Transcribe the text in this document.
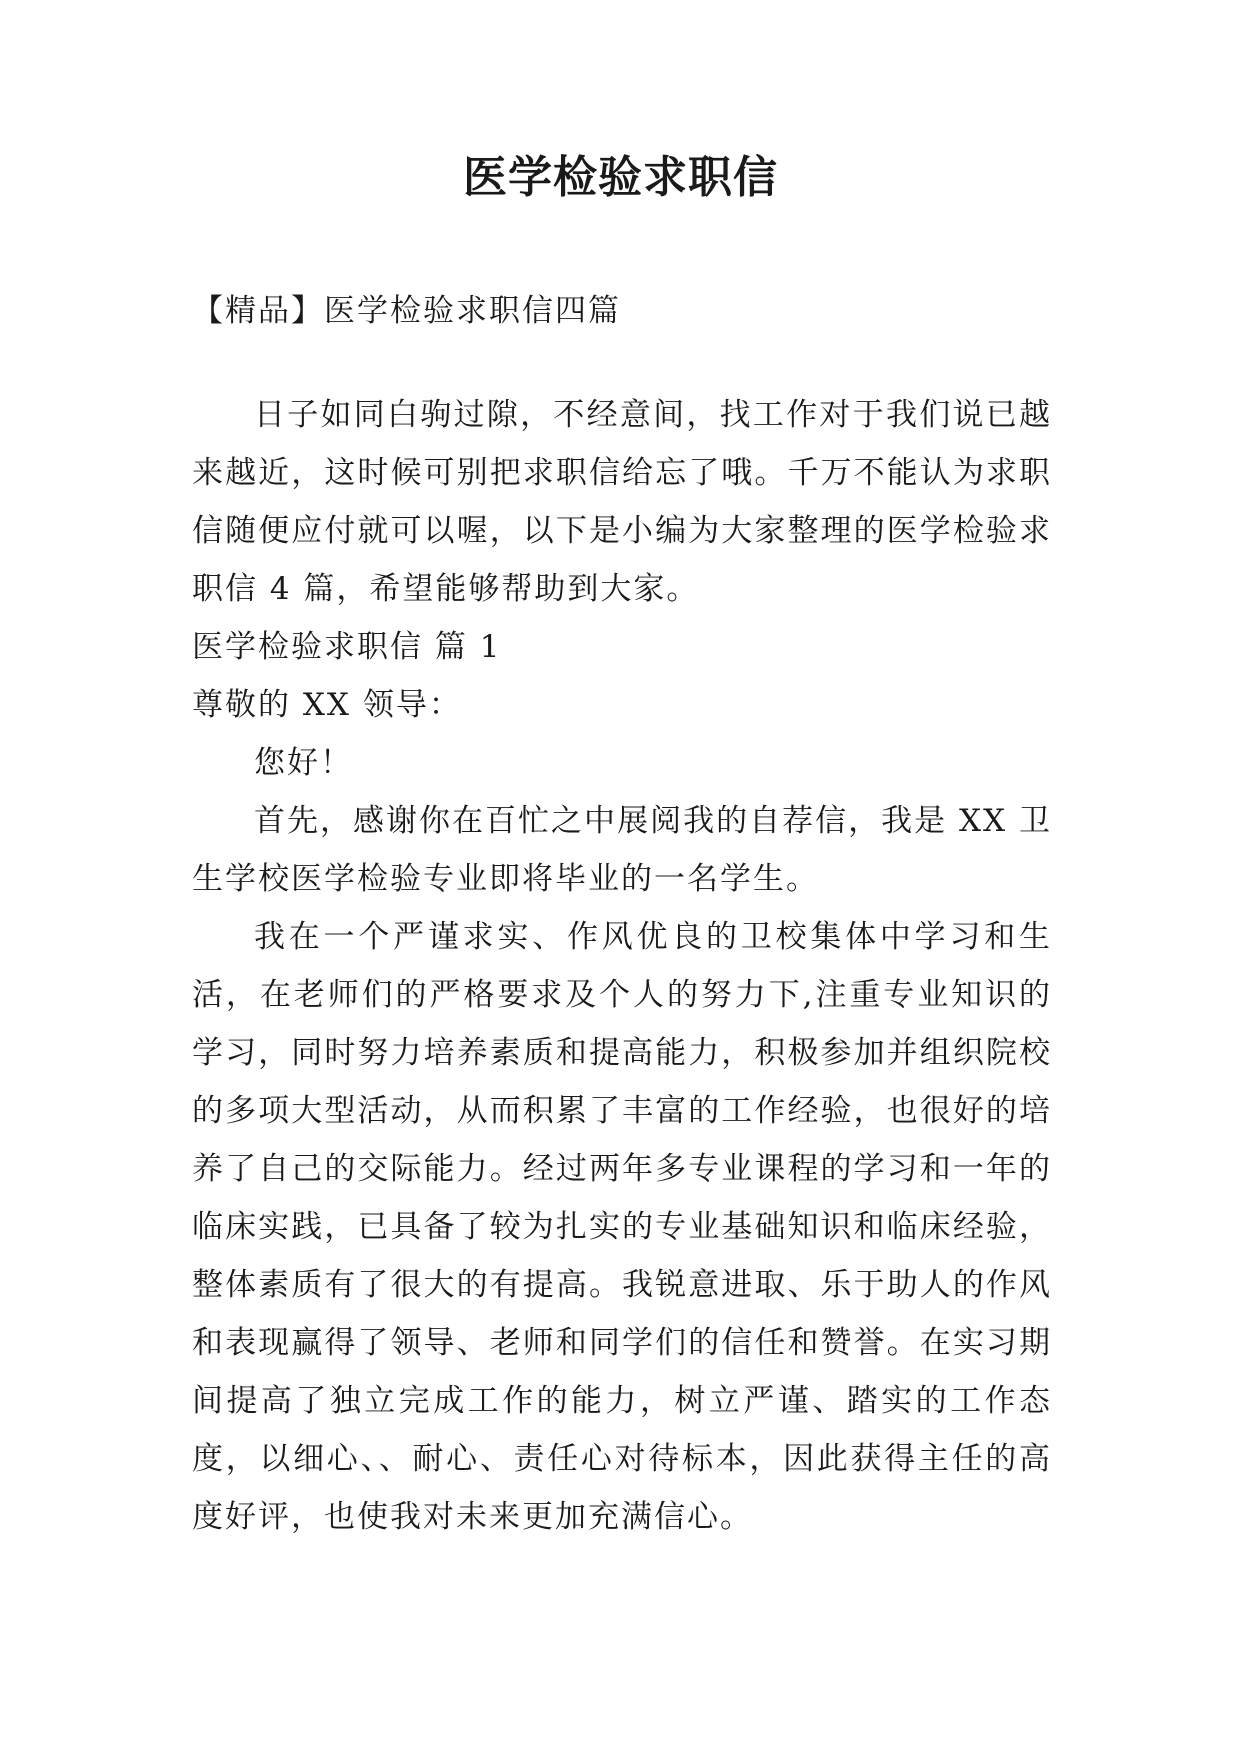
医学检验求职信

【精品】医学检验求职信四篇

日子如同白驹过隙，不经意间，找工作对于我们说已越来越近，这时候可别把求职信给忘了哦。千万不能认为求职信随便应付就可以喔，以下是小编为大家整理的医学检验求职信 4 篇，希望能够帮助到大家。

医学检验求职信 篇 1

尊敬的 XX 领导：

您好！

首先，感谢你在百忙之中展阅我的自荐信，我是 XX 卫生学校医学检验专业即将毕业的一名学生。

我在一个严谨求实、作风优良的卫校集体中学习和生活，在老师们的严格要求及个人的努力下,注重专业知识的学习，同时努力培养素质和提高能力，积极参加并组织院校的多项大型活动，从而积累了丰富的工作经验，也很好的培养了自己的交际能力。经过两年多专业课程的学习和一年的临床实践，已具备了较为扎实的专业基础知识和临床经验，整体素质有了很大的有提高。我锐意进取、乐于助人的作风和表现赢得了领导、老师和同学们的信任和赞誉。在实习期间提高了独立完成工作的能力，树立严谨、踏实的工作态度，以细心、、耐心、责任心对待标本，因此获得主任的高度好评，也使我对未来更加充满信心。
